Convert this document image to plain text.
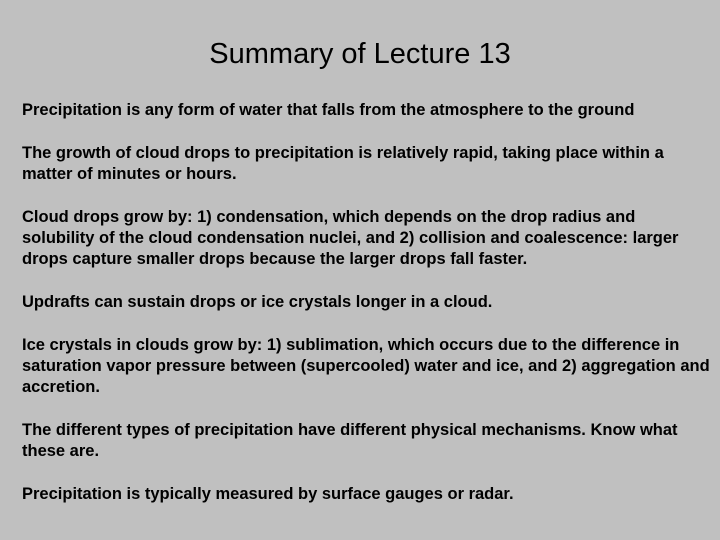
Summary of Lecture 13

Precipitation is any form of water that falls from the atmosphere to the ground

The growth of cloud drops to precipitation is relatively rapid, taking place within a matter of minutes or hours.

Cloud drops grow by: 1) condensation, which depends on the drop radius and solubility of the cloud condensation nuclei, and 2) collision and coalescence: larger drops capture smaller drops because the larger drops fall faster.

Updrafts can sustain drops or ice crystals longer in a cloud.

Ice crystals in clouds grow by: 1) sublimation, which occurs due to the difference in saturation vapor pressure between (supercooled) water and ice, and 2) aggregation and accretion.

The different types of precipitation have different physical mechanisms. Know what these are.

Precipitation is typically measured by surface gauges or radar.
